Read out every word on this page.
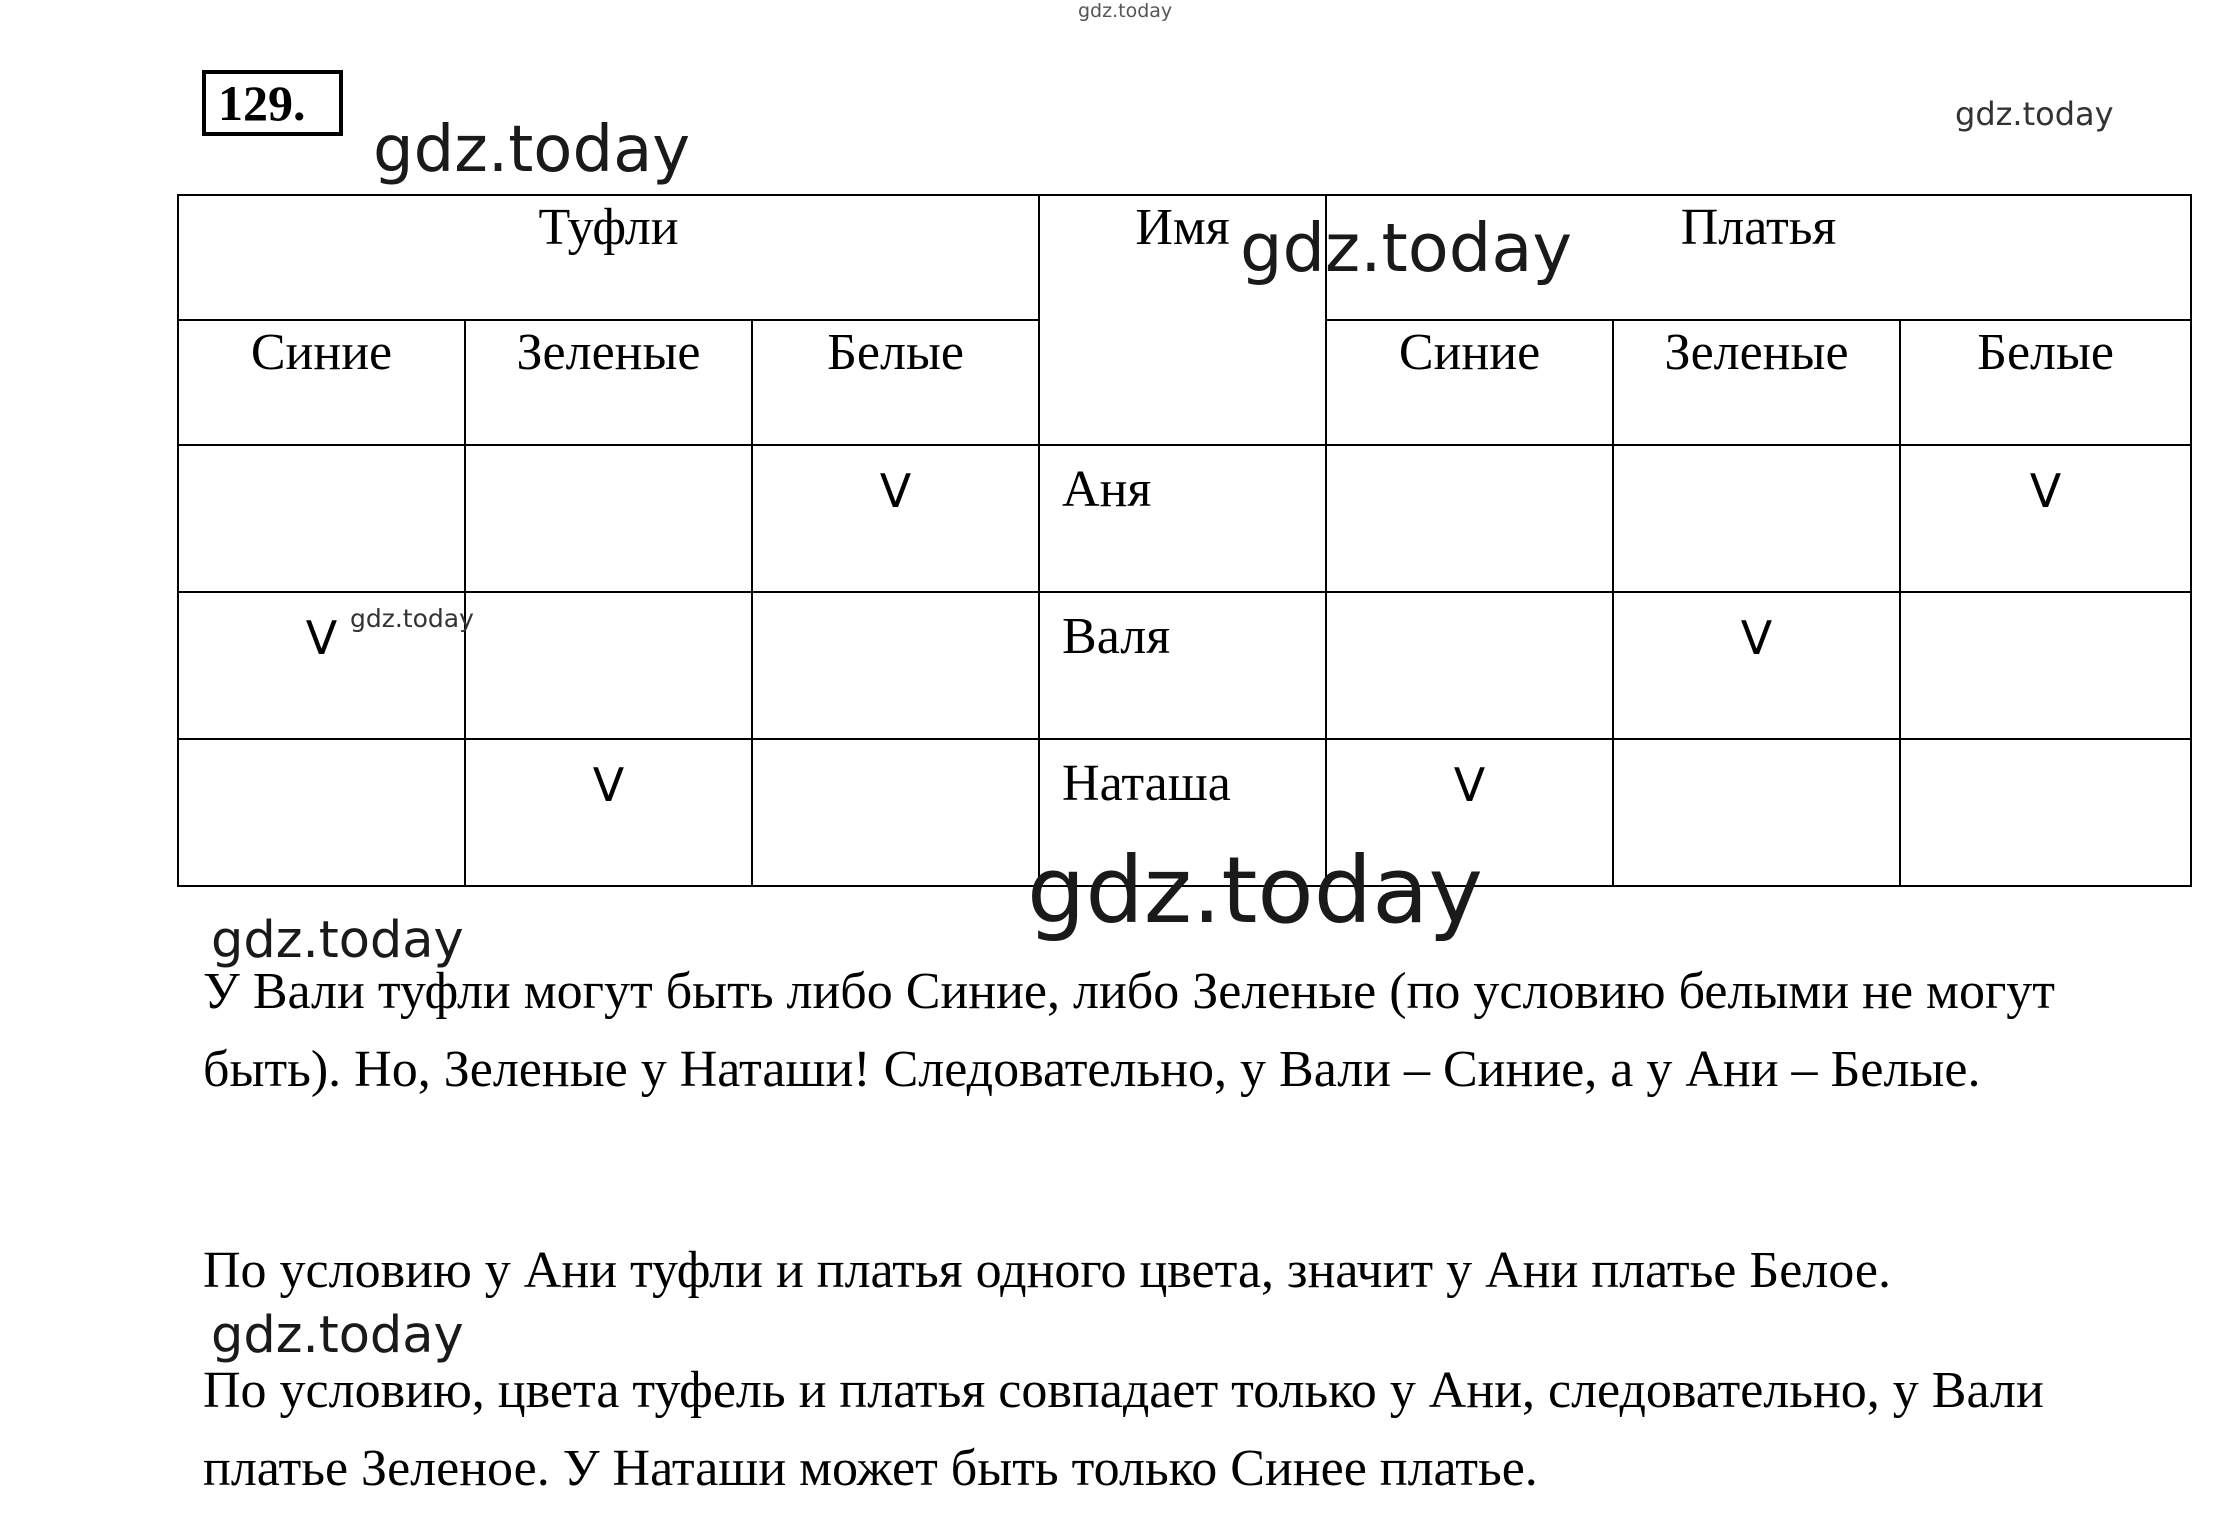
gdz.today
gdz.today	gdz.today
129.
Туфли			Имя	Платья		
Синие	Зеленые	Белые		Синие	Зеленые	Белые
		V	Аня			V
V			Валя		V	
	V		Наташа	V		
gdz.today
gdz.today
gdz.today
gdz.today

У Вали туфли могут быть либо Синие, либо Зеленые (по условию белыми не могут быть). Но, Зеленые у Наташи! Следовательно, у Вали – Синие, а у Ани – Белые.

По условию у Ани туфли и платья одного цвета, значит у Ани платье Белое.

gdz.today

По условию, цвета туфель и платья совпадает только у Ани, следовательно, у Вали платье Зеленое. У Наташи может быть только Синее платье.
